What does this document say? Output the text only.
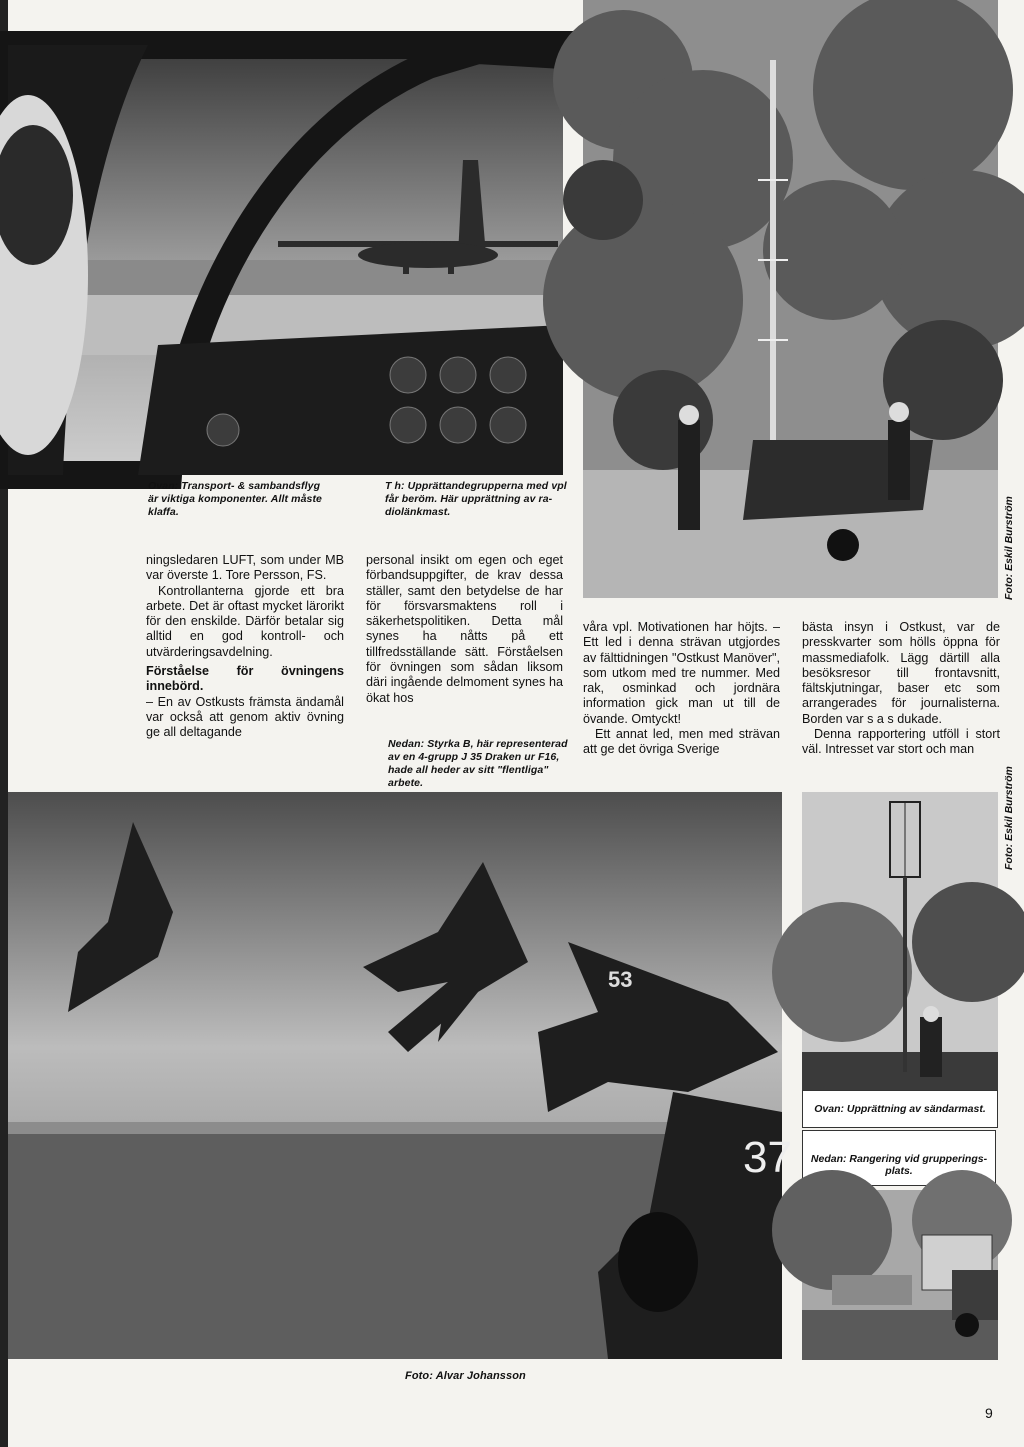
Foto: Eskil Burström
Ovan: Transport- & sambandsflyg
är viktiga komponenter. Allt måste
klaffa.
T h: Upprättandegrupperna med vpl
får beröm. Här upprättning av ra-
diolänkmast.

ningsledaren LUFT, som under MB var överste 1. Tore Persson, FS.

Kontrollanterna gjorde ett bra arbete. Det är oftast mycket lärorikt för den enskilde. Därför betalar sig alltid en god kontroll- och utvärderingsavdelning.

Förståelse för övningens innebörd.

– En av Ostkusts främsta ändamål var också att genom aktiv övning ge all deltagande

personal insikt om egen och eget förbandsuppgifter, de krav dessa ställer, samt den betydelse de har för försvarsmaktens roll i säkerhetspolitiken. Detta mål synes ha nåtts på ett tillfredsställande sätt. Förståelsen för övningen som sådan liksom däri ingående delmoment synes ha ökat hos

Nedan: Styrka B, här representerad
av en 4-grupp J 35 Draken ur F16,
hade all heder av sitt "flentliga"
arbete.

våra vpl. Motivationen har höjts. – Ett led i denna strävan utgjordes av fälttidningen "Ostkust Manöver", som utkom med tre nummer. Med rak, osminkad och jordnära information gick man ut till de övande. Omtyckt!

Ett annat led, men med strävan att ge det övriga Sverige

bästa insyn i Ostkust, var de presskvarter som hölls öppna för massmediafolk. Lägg därtill alla besöksresor till frontavsnitt, fältskjutningar, baser etc som arrangerades för journalisterna. Borden var s a s dukade.

Denna rapportering utföll i stort väl. Intresset var stort och man

53
37
Foto: Eskil Burström
Ovan: Upprättning av sändarmast.
Nedan: Rangering vid grupperings-
plats.
Foto: Alvar Johansson
9
